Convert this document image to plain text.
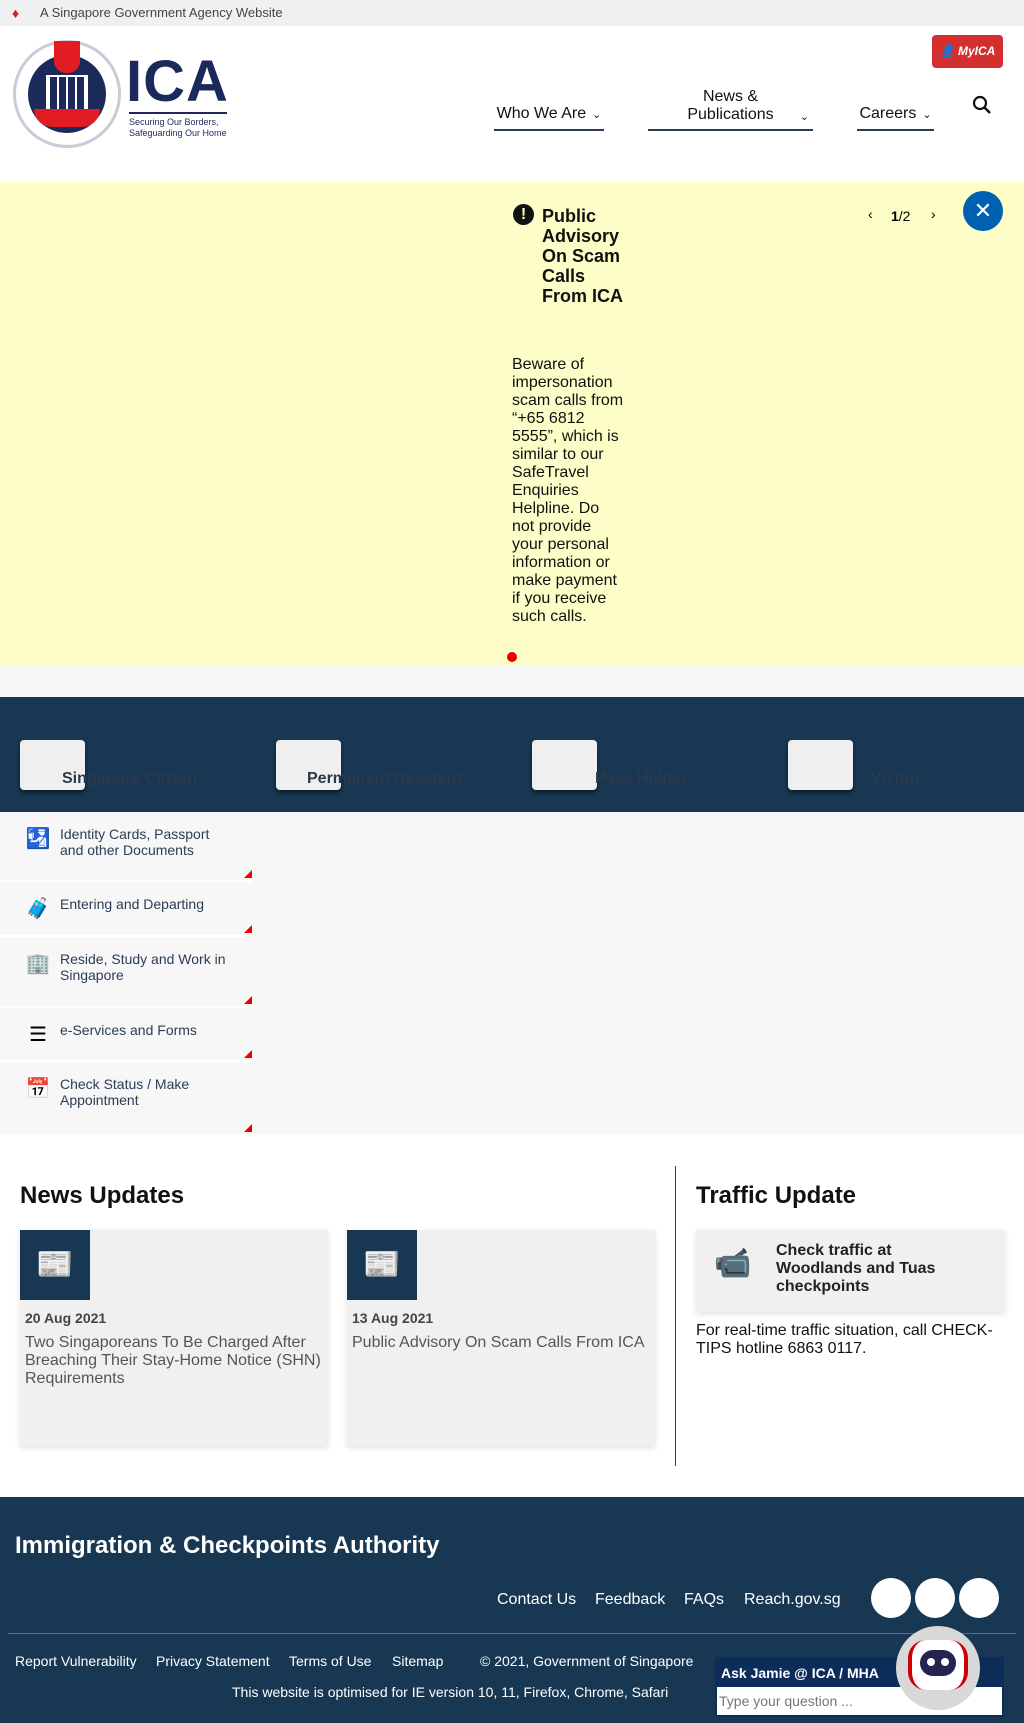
♦ A Singapore Government Agency Website
ICA
Securing Our Borders,
Safeguarding Our Home
👤 MyICA
Who We Are ⌄
News &
Publications ⌄	Careers ⌄
! Public Advisory On Scam Calls From ICA
Beware of impersonation scam calls from “+65 6812 5555”, which is similar to our SafeTravel Enquiries Helpline. Do not provide your personal information or make payment if you receive such calls.
‹ 1/2 ›	✕
Singapore Citizen	Permanent Resident	Pass Holder	Visitor
🛂 Identity Cards, Passport and other Documents
🧳 Entering and Departing
🏢 Reside, Study and Work in Singapore
☰ e-Services and Forms
📅 Check Status / Make Appointment
News Updates
📰
20 Aug 2021
Two Singaporeans To Be Charged After Breaching Their Stay-Home Notice (SHN) Requirements
📰
13 Aug 2021
Public Advisory On Scam Calls From ICA
Traffic Update
📹 Check traffic at Woodlands and Tuas checkpoints
For real-time traffic situation, call CHECK-TIPS hotline 6863 0117.
Immigration & Checkpoints Authority
Contact Us Feedback FAQs Reach.gov.sg
Report Vulnerability Privacy Statement Terms of Use Sitemap	© 2021, Government of Singapore
This website is optimised for IE version 10, 11, Firefox, Chrome, Safari
Ask Jamie @ ICA / MHA
Type your question ...
